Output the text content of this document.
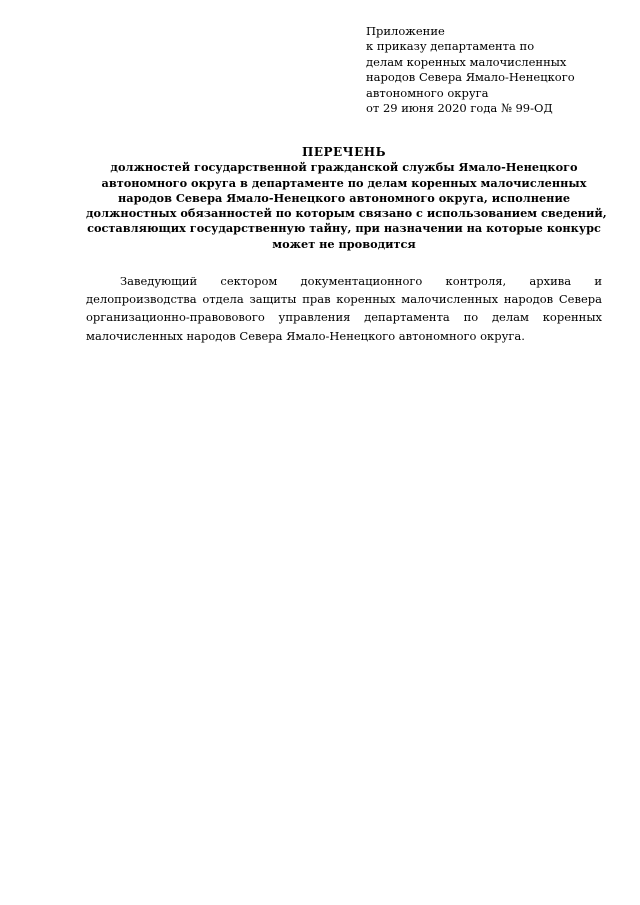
Приложение
к приказу департамента по
делам коренных малочисленных
народов Севера Ямало-Ненецкого
автономного округа
от 29 июня 2020 года № 99-ОД
ПЕРЕЧЕНЬ
должностей государственной гражданской службы Ямало-Ненецкого
автономного округа в департаменте по делам коренных малочисленных
народов Севера Ямало-Ненецкого автономного округа, исполнение
должностных обязанностей по которым связано с использованием сведений,
составляющих государственную тайну, при назначении на которые конкурс
может не проводится
Заведующий сектором документационного контроля, архива и
делопроизводства отдела защиты прав коренных малочисленных народов Севера
организационно-правовового управления департамента по делам коренных
малочисленных народов Севера Ямало-Ненецкого автономного округа.
